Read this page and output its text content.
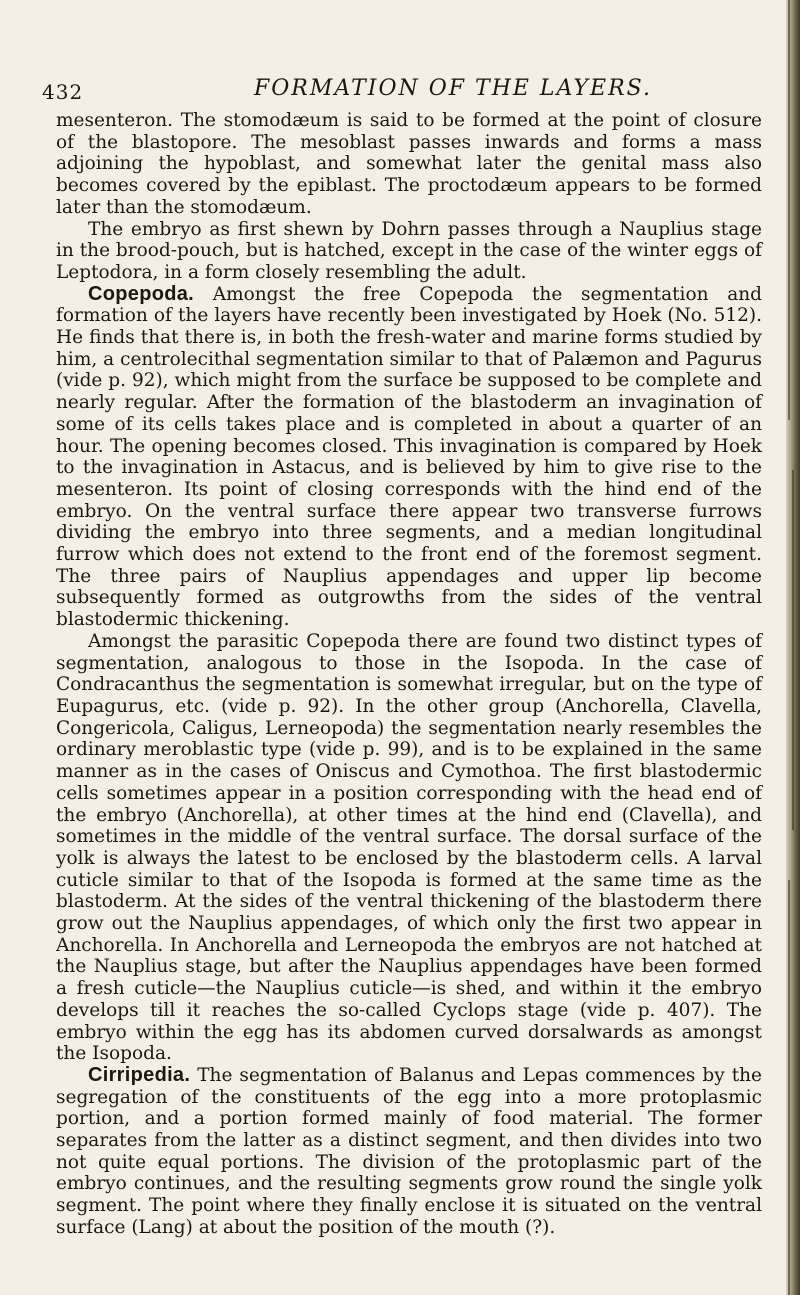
432	FORMATION OF THE LAYERS.

mesenteron. The stomodæum is said to be formed at the point of closure of the blastopore. The mesoblast passes inwards and forms a mass adjoining the hypoblast, and somewhat later the genital mass also becomes covered by the epiblast. The proctodæum appears to be formed later than the stomodæum.

The embryo as first shewn by Dohrn passes through a Nauplius stage in the brood-pouch, but is hatched, except in the case of the winter eggs of Leptodora, in a form closely resembling the adult.

Copepoda. Amongst the free Copepoda the segmentation and formation of the layers have recently been investigated by Hoek (No. 512). He finds that there is, in both the fresh-water and marine forms studied by him, a centrolecithal segmentation similar to that of Palæmon and Pagurus (vide p. 92), which might from the surface be supposed to be complete and nearly regular. After the formation of the blastoderm an invagination of some of its cells takes place and is completed in about a quarter of an hour. The opening becomes closed. This invagination is compared by Hoek to the invagination in Astacus, and is believed by him to give rise to the mesenteron. Its point of closing corresponds with the hind end of the embryo. On the ventral surface there appear two transverse furrows dividing the embryo into three segments, and a median longitudinal furrow which does not extend to the front end of the foremost segment. The three pairs of Nauplius appendages and upper lip become subsequently formed as outgrowths from the sides of the ventral blastodermic thickening.

Amongst the parasitic Copepoda there are found two distinct types of segmentation, analogous to those in the Isopoda. In the case of Condracanthus the segmentation is somewhat irregular, but on the type of Eupagurus, etc. (vide p. 92). In the other group (Anchorella, Clavella, Congericola, Caligus, Lerneopoda) the segmentation nearly resembles the ordinary meroblastic type (vide p. 99), and is to be explained in the same manner as in the cases of Oniscus and Cymothoa. The first blastodermic cells sometimes appear in a position corresponding with the head end of the embryo (Anchorella), at other times at the hind end (Clavella), and sometimes in the middle of the ventral surface. The dorsal surface of the yolk is always the latest to be enclosed by the blastoderm cells. A larval cuticle similar to that of the Isopoda is formed at the same time as the blastoderm. At the sides of the ventral thickening of the blastoderm there grow out the Nauplius appendages, of which only the first two appear in Anchorella. In Anchorella and Lerneopoda the embryos are not hatched at the Nauplius stage, but after the Nauplius appendages have been formed a fresh cuticle—the Nauplius cuticle—is shed, and within it the embryo develops till it reaches the so-called Cyclops stage (vide p. 407). The embryo within the egg has its abdomen curved dorsalwards as amongst the Isopoda.

Cirripedia. The segmentation of Balanus and Lepas commences by the segregation of the constituents of the egg into a more protoplasmic portion, and a portion formed mainly of food material. The former separates from the latter as a distinct segment, and then divides into two not quite equal portions. The division of the protoplasmic part of the embryo continues, and the resulting segments grow round the single yolk segment. The point where they finally enclose it is situated on the ventral surface (Lang) at about the position of the mouth (?).
